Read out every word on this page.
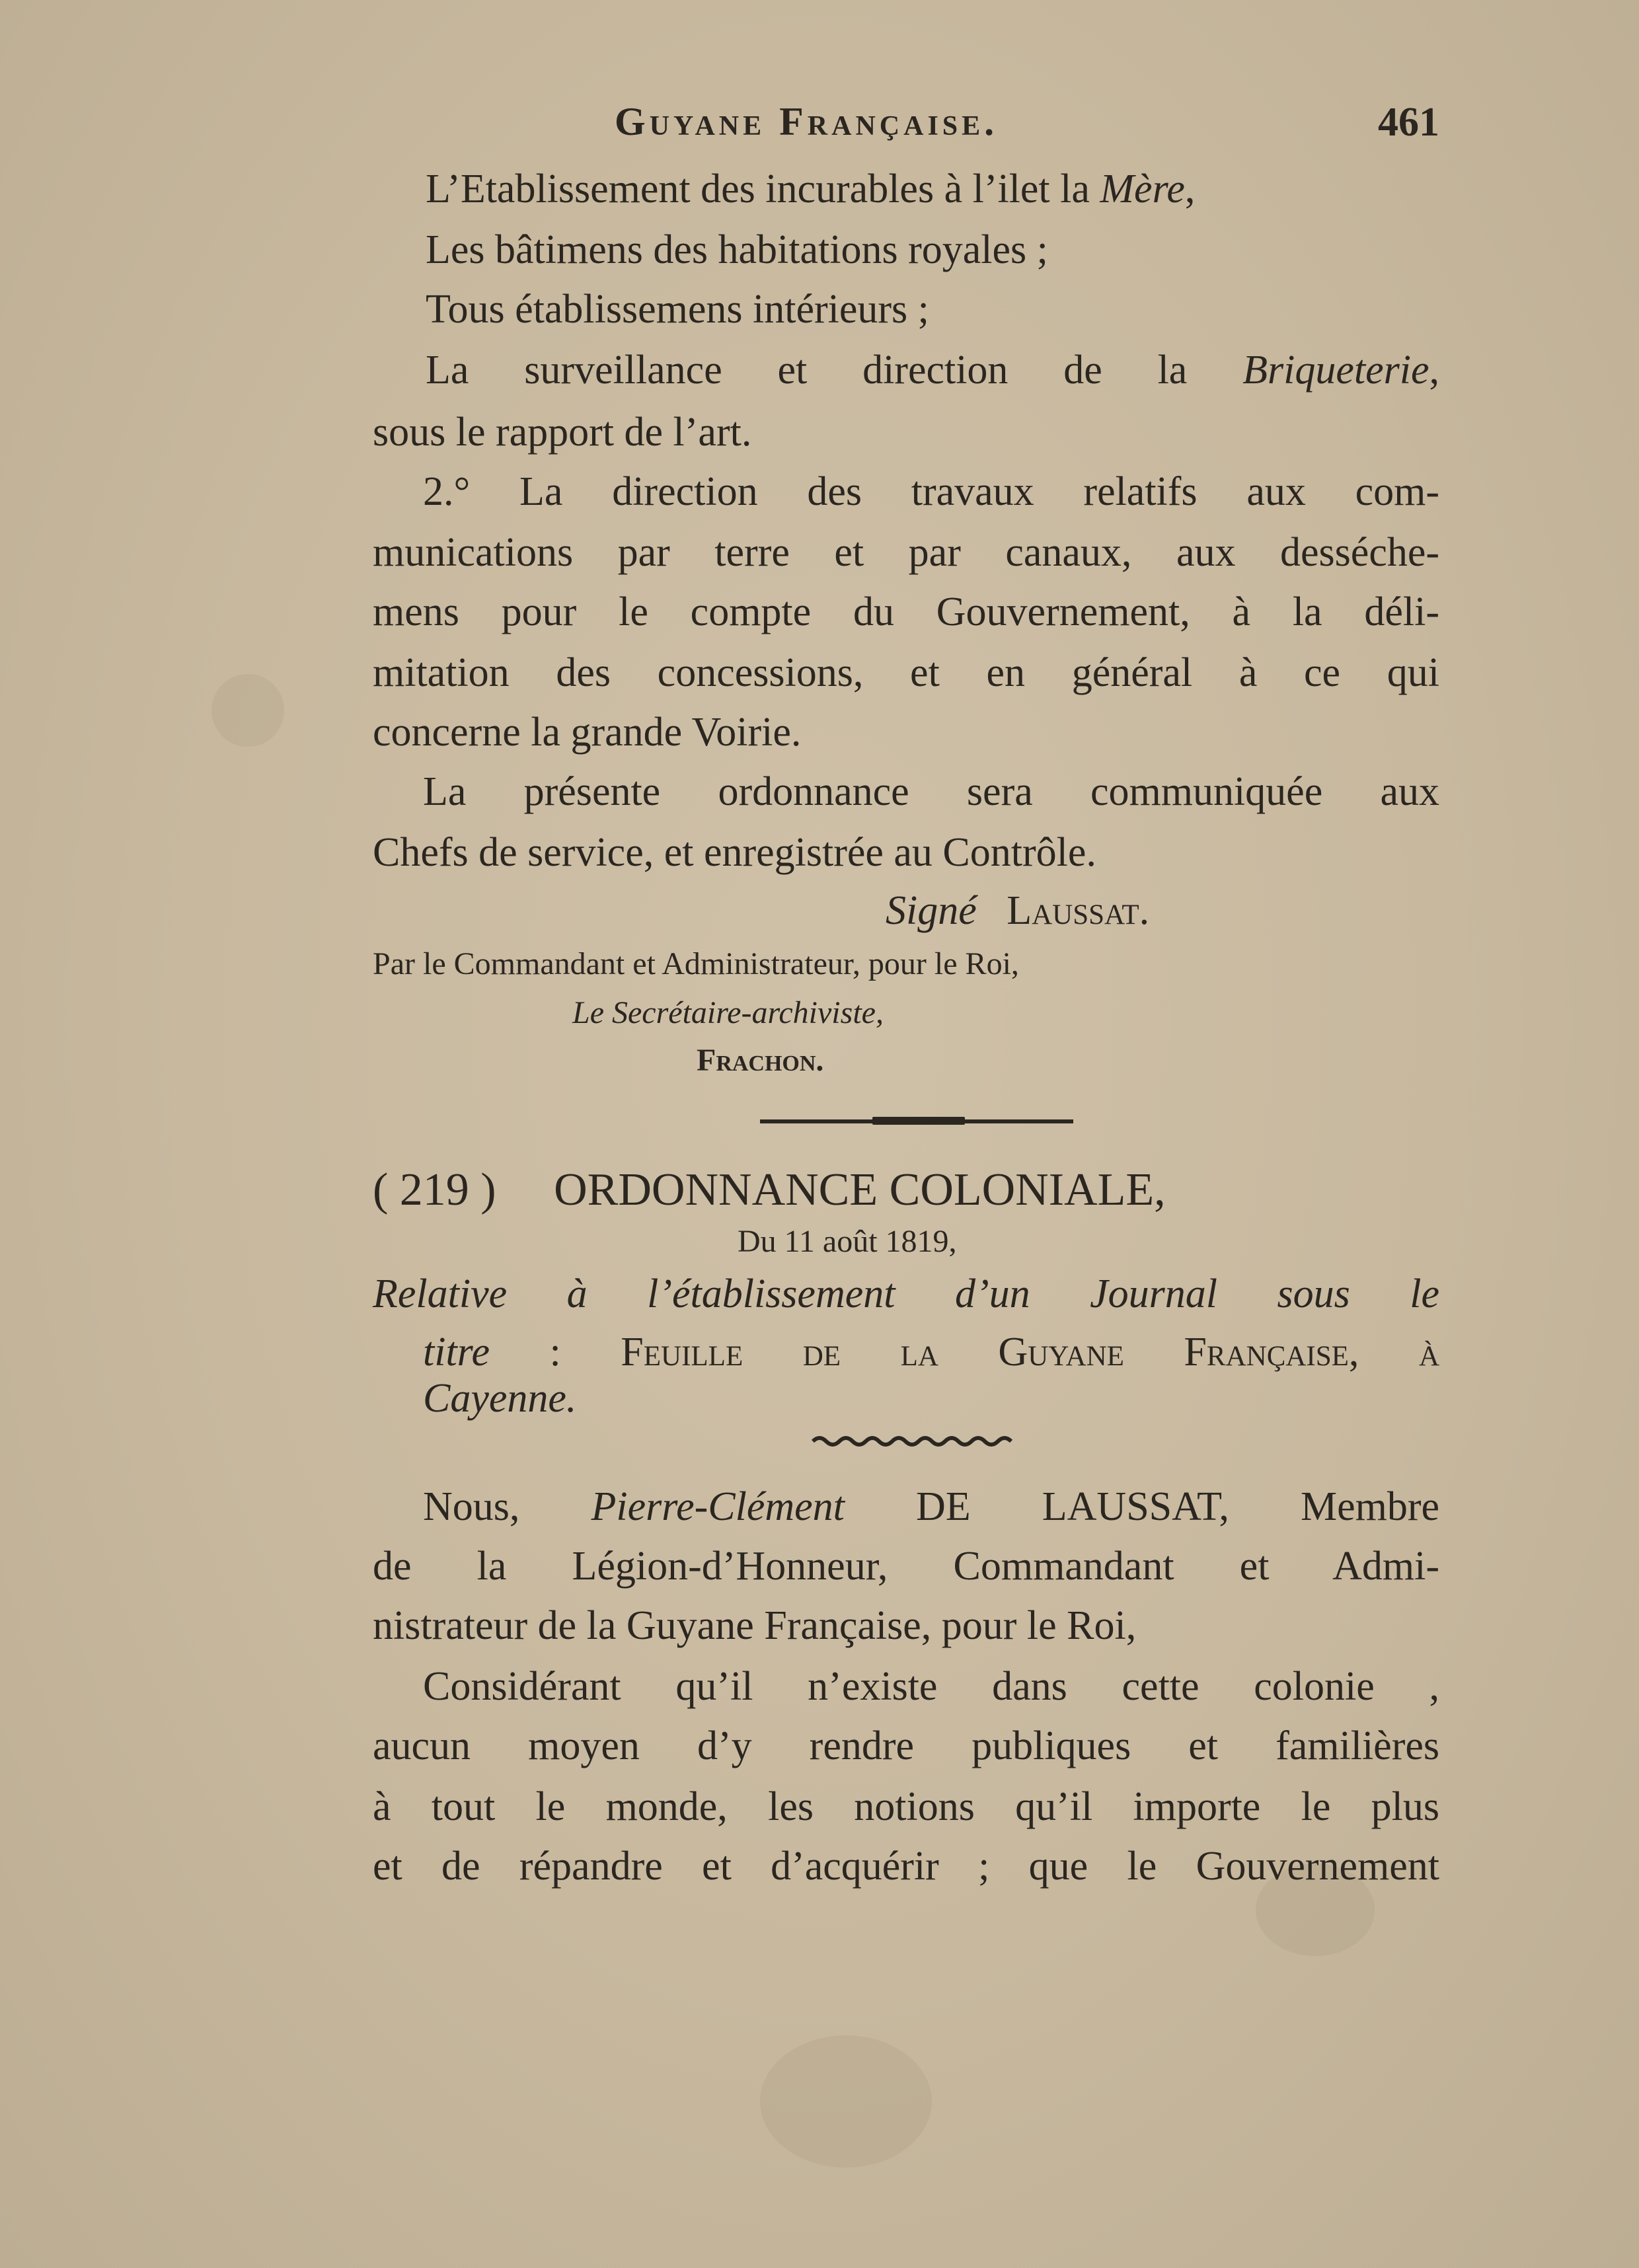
Guyane Française.	461
L’Etablissement des incurables à l’ilet la Mère,
Les bâtimens des habitations royales ;
Tous établissemens intérieurs ;
La surveillance et direction de la Briqueterie,
sous le rapport de l’art.
2.° La direction des travaux relatifs aux com-
munications par terre et par canaux, aux desséche-
mens pour le compte du Gouvernement, à la déli-
mitation des concessions, et en général à ce qui
concerne la grande Voirie.
La présente ordonnance sera communiquée aux
Chefs de service, et enregistrée au Contrôle.
Signé Laussat.
Par le Commandant et Administrateur, pour le Roi,
Le Secrétaire-archiviste,
Frachon.
( 219 ) ORDONNANCE COLONIALE,
Du 11 août 1819,
Relative à l’établissement d’un Journal sous le
titre : Feuille de la Guyane Française, à
Cayenne.
Nous, Pierre-Clément DE LAUSSAT, Membre
de la Légion-d’Honneur, Commandant et Admi-
nistrateur de la Guyane Française, pour le Roi,
Considérant qu’il n’existe dans cette colonie ,
aucun moyen d’y rendre publiques et familières
à tout le monde, les notions qu’il importe le plus
et de répandre et d’acquérir ; que le Gouvernement
